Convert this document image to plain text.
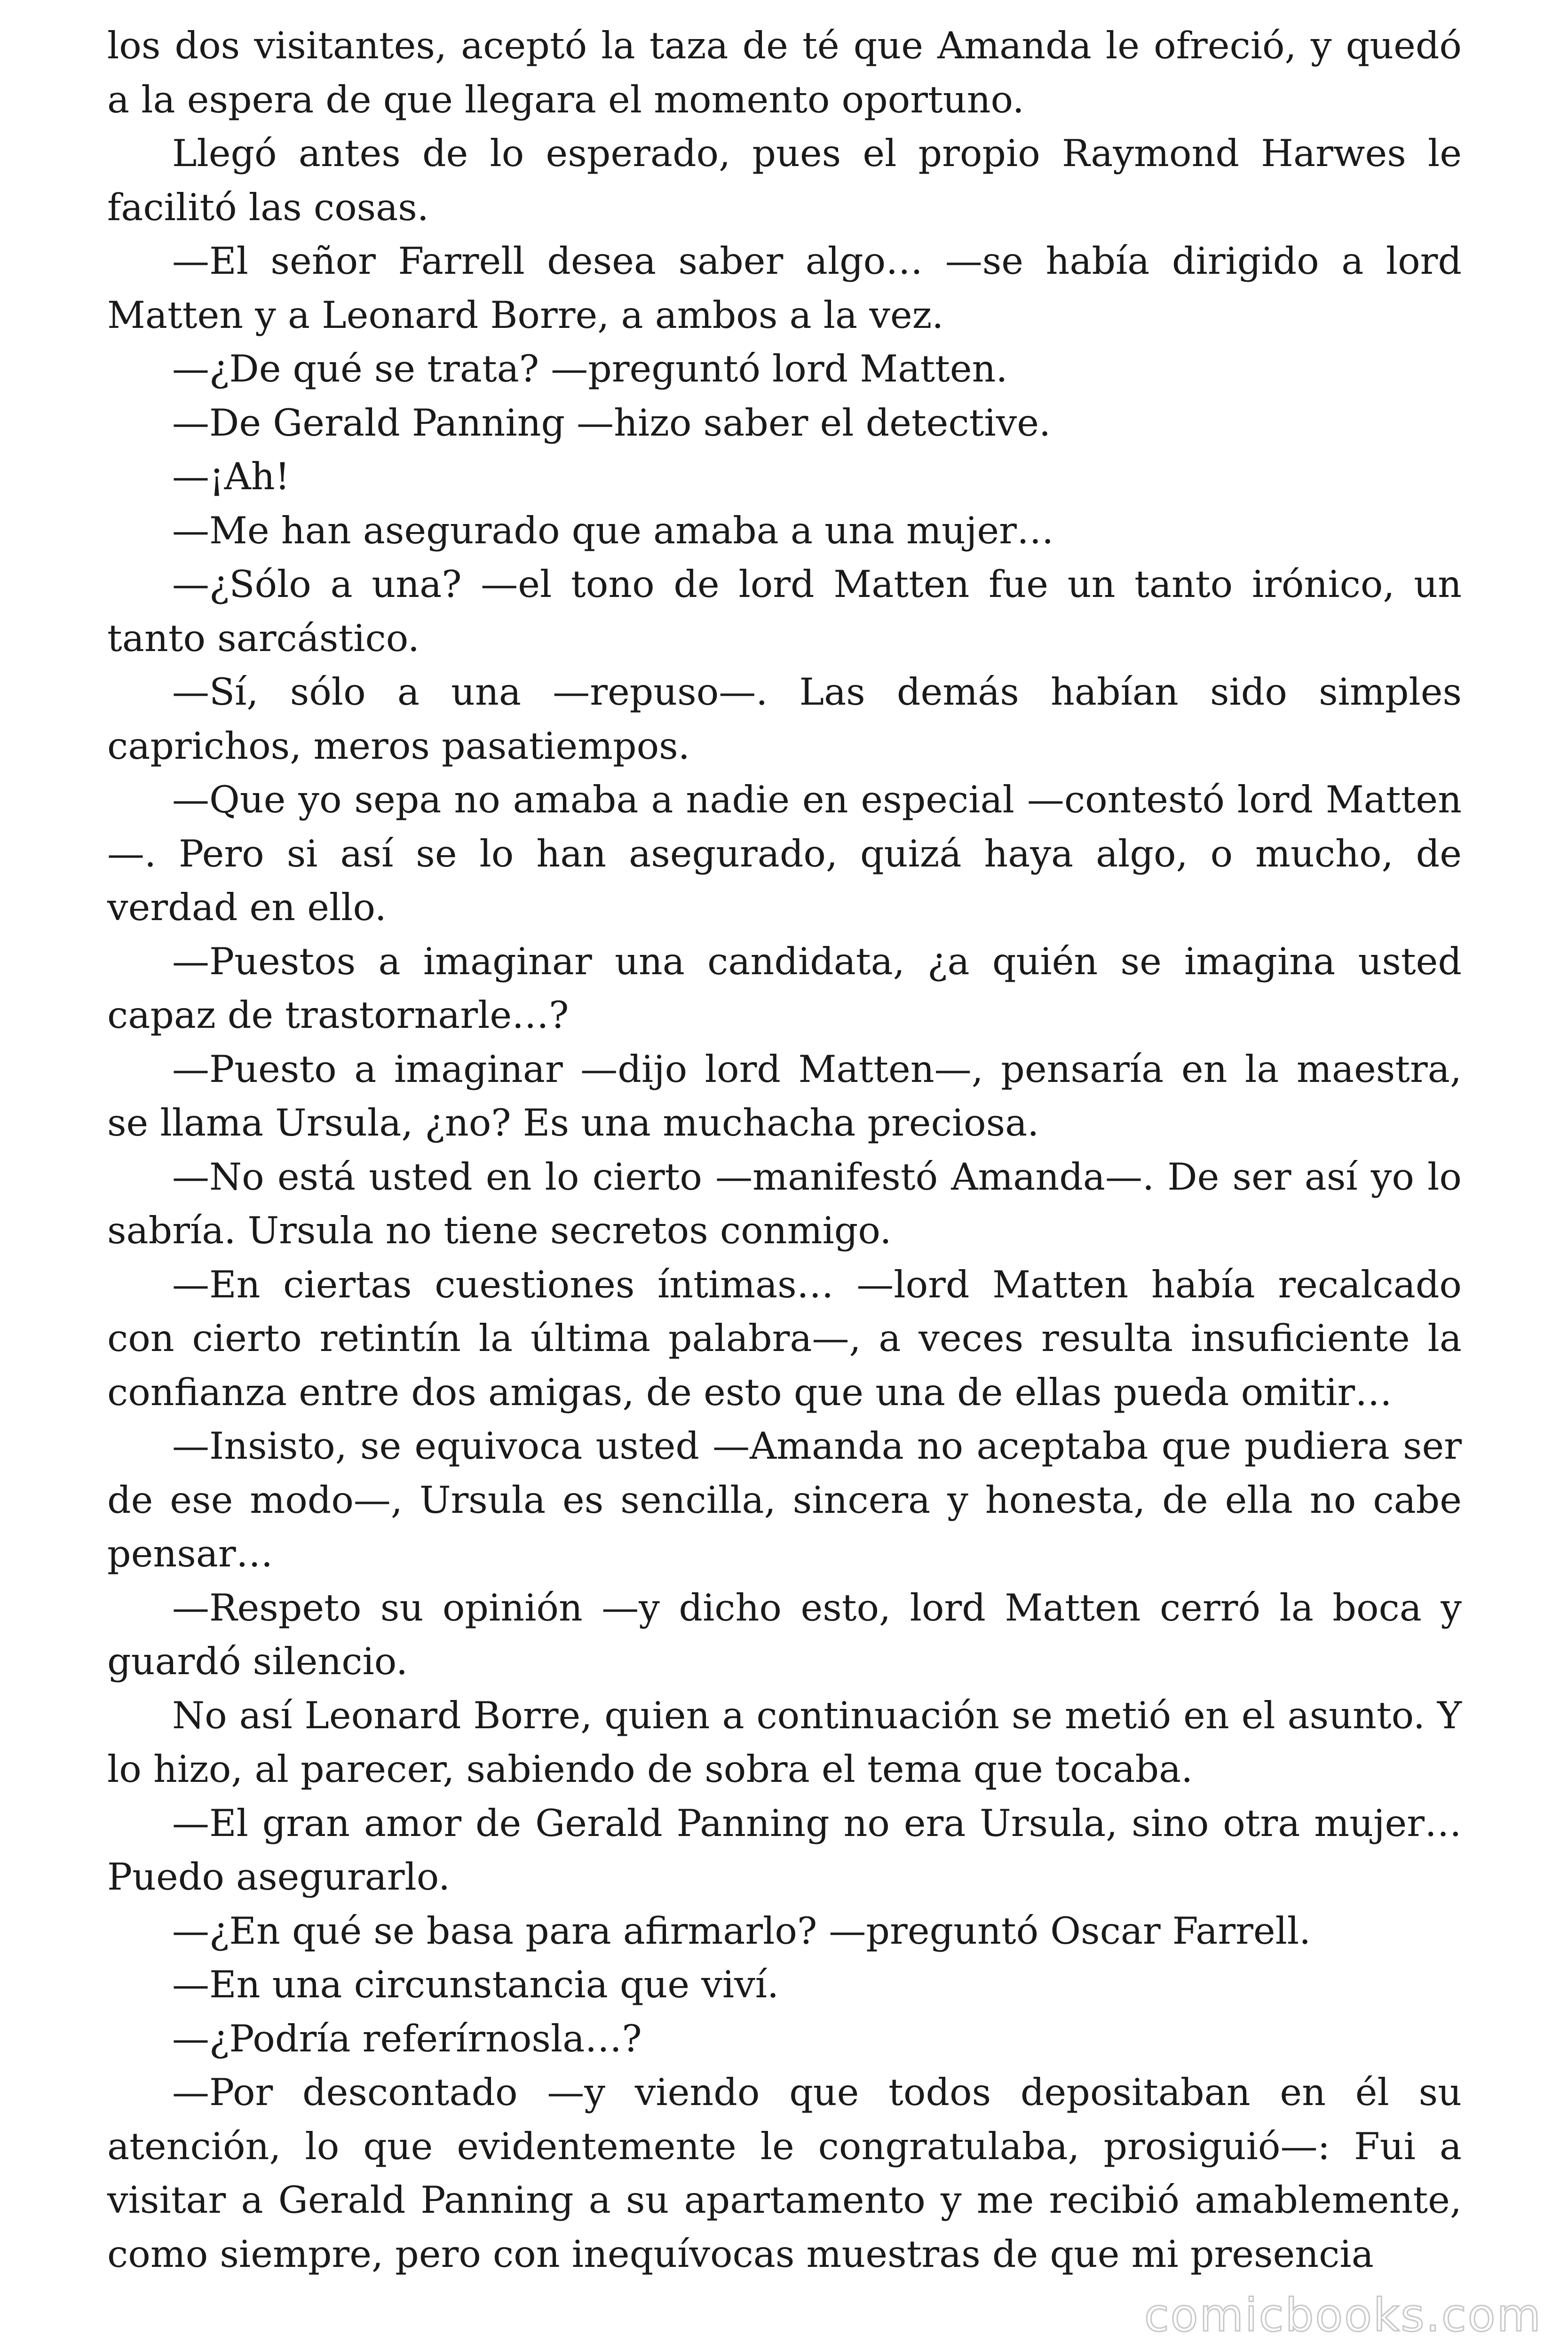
los dos visitantes, aceptó la taza de té que Amanda le ofreció, y quedó a la espera de que llegara el momento oportuno.

Llegó antes de lo esperado, pues el propio Raymond Harwes le facilitó las cosas.

—El señor Farrell desea saber algo… —se había dirigido a lord Matten y a Leonard Borre, a ambos a la vez.

—¿De qué se trata? —preguntó lord Matten.

—De Gerald Panning —hizo saber el detective.

—¡Ah!

—Me han asegurado que amaba a una mujer…

—¿Sólo a una? —el tono de lord Matten fue un tanto irónico, un tanto sarcástico.

—Sí, sólo a una —repuso—. Las demás habían sido simples caprichos, meros pasatiempos.

—Que yo sepa no amaba a nadie en especial —contestó lord Matten—. Pero si así se lo han asegurado, quizá haya algo, o mucho, de verdad en ello.

—Puestos a imaginar una candidata, ¿a quién se imagina usted capaz de trastornarle…?

—Puesto a imaginar —dijo lord Matten—, pensaría en la maestra, se llama Ursula, ¿no? Es una muchacha preciosa.

—No está usted en lo cierto —manifestó Amanda—. De ser así yo lo sabría. Ursula no tiene secretos conmigo.

—En ciertas cuestiones íntimas… —lord Matten había recalcado con cierto retintín la última palabra—, a veces resulta insuficiente la confianza entre dos amigas, de esto que una de ellas pueda omitir…

—Insisto, se equivoca usted —Amanda no aceptaba que pudiera ser de ese modo—, Ursula es sencilla, sincera y honesta, de ella no cabe pensar…

—Respeto su opinión —y dicho esto, lord Matten cerró la boca y guardó silencio.

No así Leonard Borre, quien a continuación se metió en el asunto. Y lo hizo, al parecer, sabiendo de sobra el tema que tocaba.

—El gran amor de Gerald Panning no era Ursula, sino otra mujer… Puedo asegurarlo.

—¿En qué se basa para afirmarlo? —preguntó Oscar Farrell.

—En una circunstancia que viví.

—¿Podría referírnosla…?

—Por descontado —y viendo que todos depositaban en él su atención, lo que evidentemente le congratulaba, prosiguió—: Fui a visitar a Gerald Panning a su apartamento y me recibió amablemente, como siempre, pero con inequívocas muestras de que mi presencia

comicbooks.com
